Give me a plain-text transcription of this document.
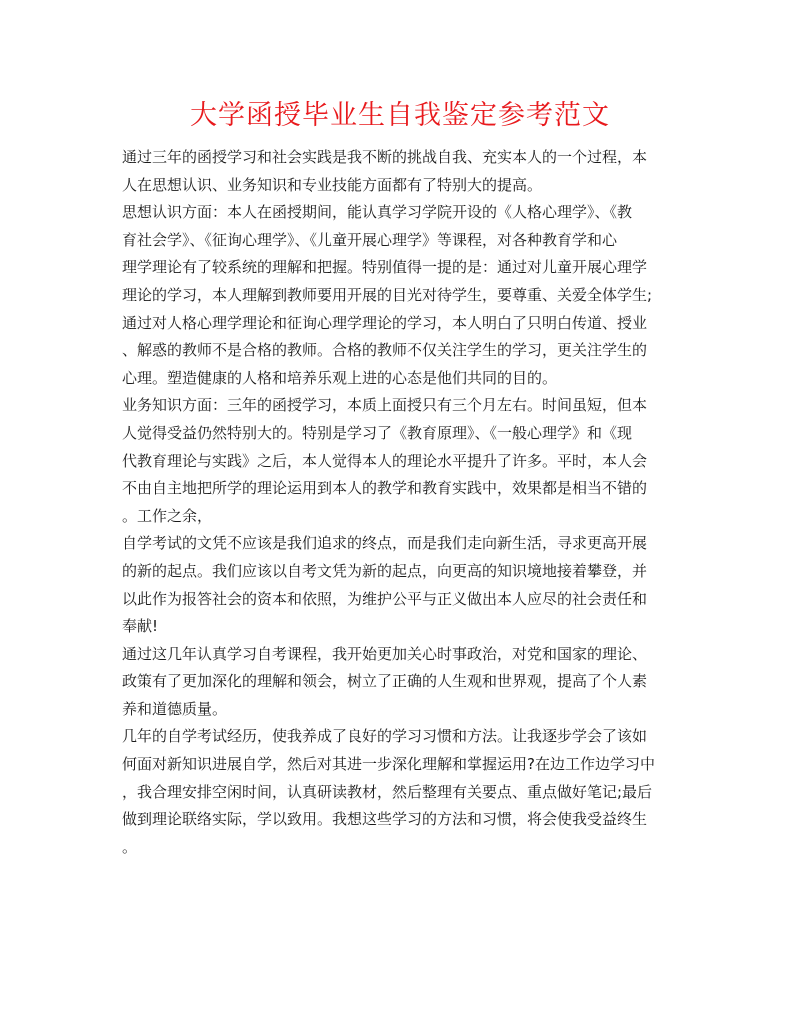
大学函授毕业生自我鉴定参考范文
通过三年的函授学习和社会实践是我不断的挑战自我、充实本人的一个过程，本
人在思想认识、业务知识和专业技能方面都有了特别大的提高。
思想认识方面：本人在函授期间，能认真学习学院开设的《人格心理学》、《教
育社会学》、《征询心理学》、《儿童开展心理学》等课程，对各种教育学和心
理学理论有了较系统的理解和把握。特别值得一提的是：通过对儿童开展心理学
理论的学习，本人理解到教师要用开展的目光对待学生，要尊重、关爱全体学生;
通过对人格心理学理论和征询心理学理论的学习，本人明白了只明白传道、授业
、解惑的教师不是合格的教师。合格的教师不仅关注学生的学习，更关注学生的
心理。塑造健康的人格和培养乐观上进的心态是他们共同的目的。
业务知识方面：三年的函授学习，本质上面授只有三个月左右。时间虽短，但本
人觉得受益仍然特别大的。特别是学习了《教育原理》、《一般心理学》和《现
代教育理论与实践》之后，本人觉得本人的理论水平提升了许多。平时，本人会
不由自主地把所学的理论运用到本人的教学和教育实践中，效果都是相当不错的
。工作之余，
自学考试的文凭不应该是我们追求的终点，而是我们走向新生活，寻求更高开展
的新的起点。我们应该以自考文凭为新的起点，向更高的知识境地接着攀登，并
以此作为报答社会的资本和依照，为维护公平与正义做出本人应尽的社会责任和
奉献!
通过这几年认真学习自考课程，我开始更加关心时事政治，对党和国家的理论、
政策有了更加深化的理解和领会，树立了正确的人生观和世界观，提高了个人素
养和道德质量。
几年的自学考试经历，使我养成了良好的学习习惯和方法。让我逐步学会了该如
何面对新知识进展自学，然后对其进一步深化理解和掌握运用?在边工作边学习中
，我合理安排空闲时间，认真研读教材，然后整理有关要点、重点做好笔记;最后
做到理论联络实际，学以致用。我想这些学习的方法和习惯，将会使我受益终生
。
